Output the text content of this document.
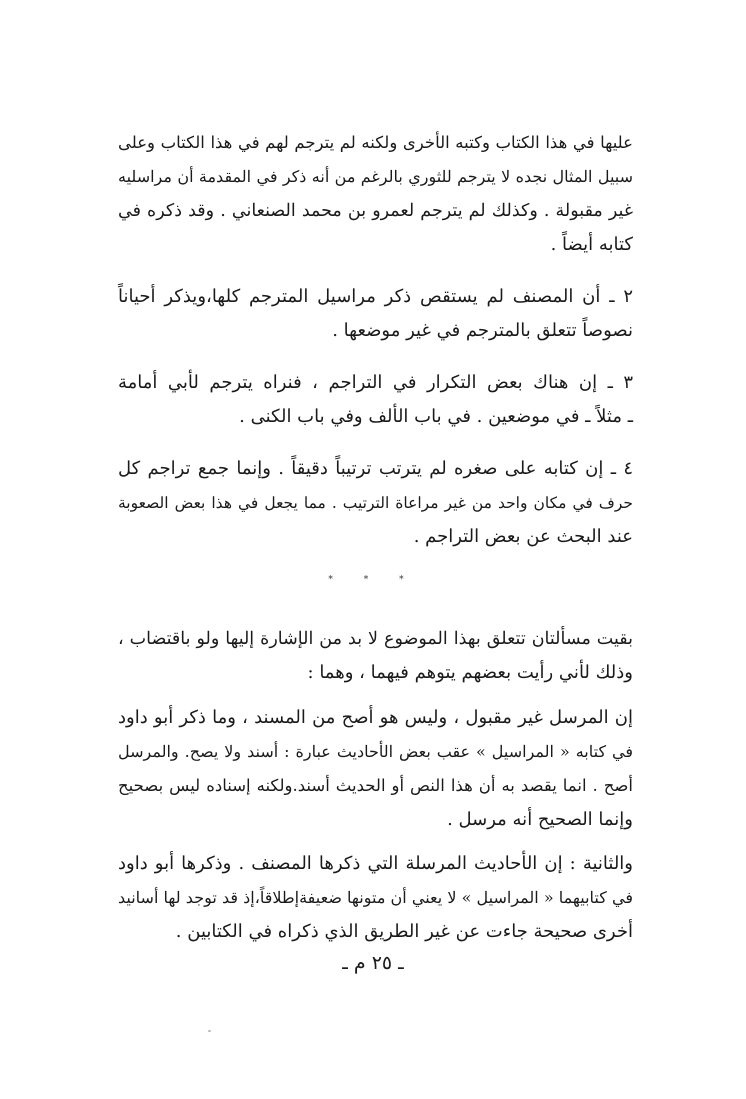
عليها في هذا الكتاب وكتبه الأخرى ولكنه لم يترجم لهم في هذا الكتاب وعلى
سبيل المثال نجده لا يترجم للثوري بالرغم من أنه ذكر في المقدمة أن مراسليه
غير مقبولة . وكذلك لم يترجم لعمرو بن محمد الصنعاني . وقد ذكره في
كتابه أيضاً .
٢ ـ أن المصنف لم يستقص ذكر مراسيل المترجم كلها،ويذكر أحياناً
نصوصاً تتعلق بالمترجم في غير موضعها .
٣ ـ إن هناك بعض التكرار في التراجم ، فنراه يترجم لأبي أمامة
ـ مثلاً ـ في موضعين . في باب الألف وفي باب الكنى .
٤ ـ إن كتابه على صغره لم يترتب ترتيباً دقيقاً . وإنما جمع تراجم كل
حرف في مكان واحد من غير مراعاة الترتيب . مما يجعل في هذا بعض الصعوبة
عند البحث عن بعض التراجم .
* * *
بقيت مسألتان تتعلق بهذا الموضوع لا بد من الإشارة إليها ولو باقتضاب ،
وذلك لأني رأيت بعضهم يتوهم فيهما ، وهما :
إن المرسل غير مقبول ، وليس هو أصح من المسند ، وما ذكر أبو داود
في كتابه « المراسيل » عقب بعض الأحاديث عبارة : أسند ولا يصح. والمرسل
أصح . انما يقصد به أن هذا النص أو الحديث أسند.ولكنه إسناده ليس بصحيح
وإنما الصحيح أنه مرسل .
والثانية : إن الأحاديث المرسلة التي ذكرها المصنف . وذكرها أبو داود
في كتابيهما « المراسيل » لا يعني أن متونها ضعيفةإطلاقاً،إذ قد توجد لها أسانيد
أخرى صحيحة جاءت عن غير الطريق الذي ذكراه في الكتابين .
ـ ٢٥ م ـ
